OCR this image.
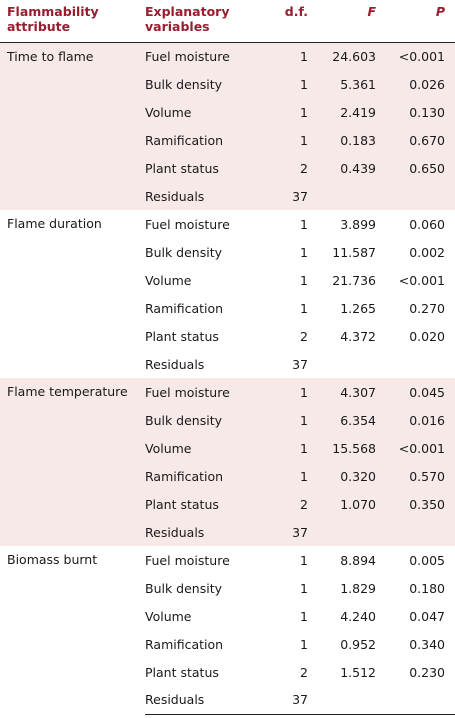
Flammability attribute	Explanatory variables	d.f.	F	P
Time to flame	Fuel moisture	1	24.603	<0.001
	Bulk density	1	5.361	0.026
	Volume	1	2.419	0.130
	Ramification	1	0.183	0.670
	Plant status	2	0.439	0.650
	Residuals	37		
Flame duration	Fuel moisture	1	3.899	0.060
	Bulk density	1	11.587	0.002
	Volume	1	21.736	<0.001
	Ramification	1	1.265	0.270
	Plant status	2	4.372	0.020
	Residuals	37		
Flame temperature	Fuel moisture	1	4.307	0.045
	Bulk density	1	6.354	0.016
	Volume	1	15.568	<0.001
	Ramification	1	0.320	0.570
	Plant status	2	1.070	0.350
	Residuals	37		
Biomass burnt	Fuel moisture	1	8.894	0.005
	Bulk density	1	1.829	0.180
	Volume	1	4.240	0.047
	Ramification	1	0.952	0.340
	Plant status	2	1.512	0.230
	Residuals	37		
